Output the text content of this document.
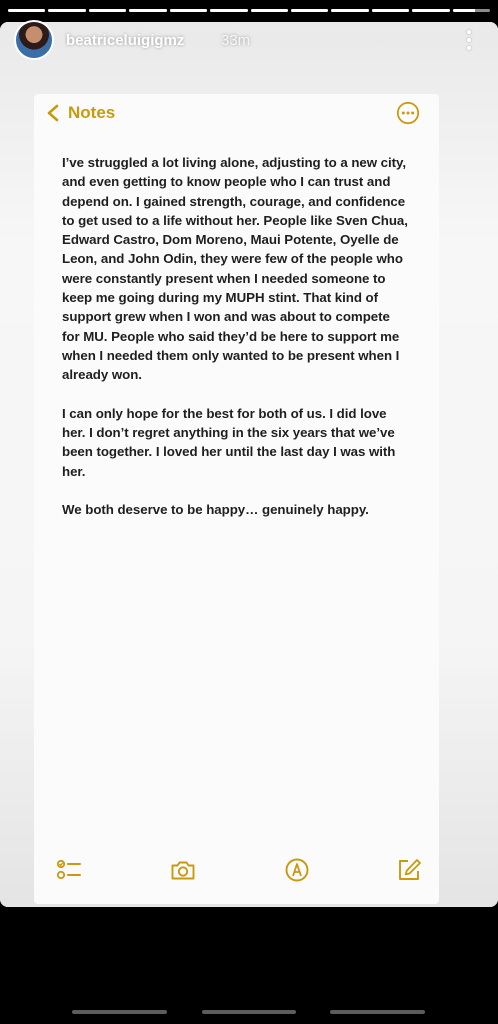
beatriceluigigmz 33m
Notes

I’ve struggled a lot living alone, adjusting to a new city,
and even getting to know people who I can trust and
depend on. I gained strength, courage, and confidence
to get used to a life without her. People like Sven Chua,
Edward Castro, Dom Moreno, Maui Potente, Oyelle de
Leon, and John Odin, they were few of the people who
were constantly present when I needed someone to
keep me going during my MUPH stint. That kind of
support grew when I won and was about to compete
for MU. People who said they’d be here to support me
when I needed them only wanted to be present when I
already won.

I can only hope for the best for both of us. I did love
her. I don’t regret anything in the six years that we’ve
been together. I loved her until the last day I was with
her.

We both deserve to be happy… genuinely happy.
